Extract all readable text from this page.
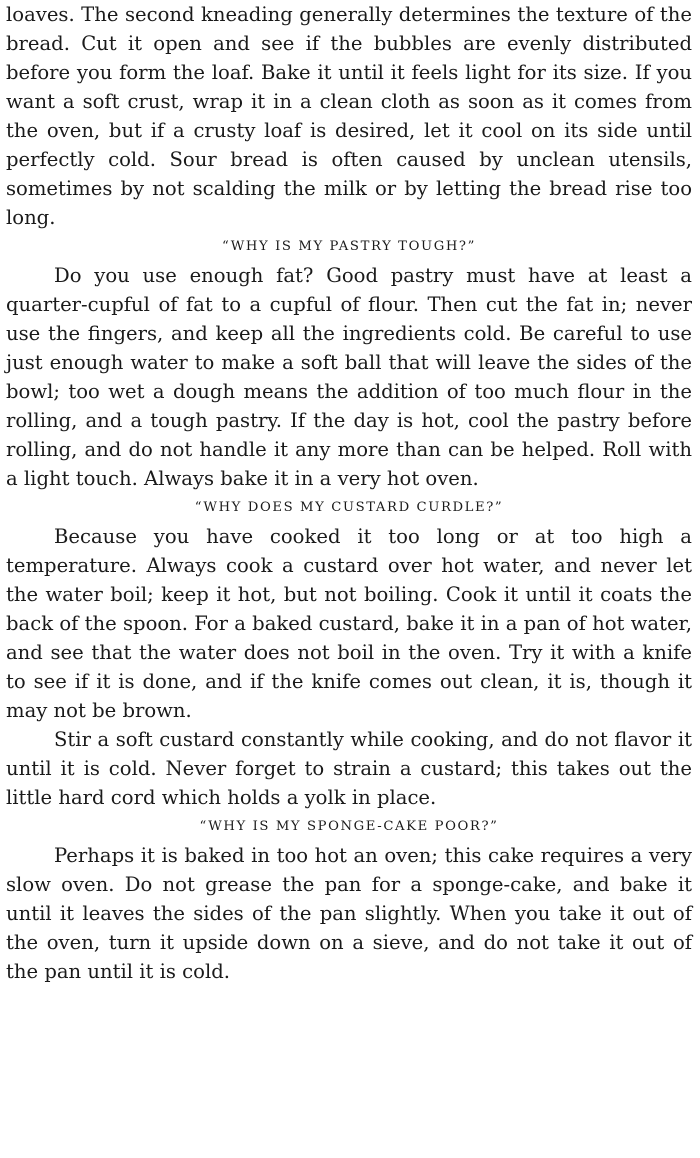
loaves. The second kneading generally determines the texture of the bread. Cut it open and see if the bubbles are evenly distributed before you form the loaf. Bake it until it feels light for its size. If you want a soft crust, wrap it in a clean cloth as soon as it comes from the oven, but if a crusty loaf is desired, let it cool on its side until perfectly cold. Sour bread is often caused by unclean utensils, sometimes by not scalding the milk or by letting the bread rise too long.

“WHY IS MY PASTRY TOUGH?”

Do you use enough fat? Good pastry must have at least a quarter-cupful of fat to a cupful of flour. Then cut the fat in; never use the fingers, and keep all the ingredients cold. Be careful to use just enough water to make a soft ball that will leave the sides of the bowl; too wet a dough means the addition of too much flour in the rolling, and a tough pastry. If the day is hot, cool the pastry before rolling, and do not handle it any more than can be helped. Roll with a light touch. Always bake it in a very hot oven.

“WHY DOES MY CUSTARD CURDLE?”

Because you have cooked it too long or at too high a temperature. Always cook a custard over hot water, and never let the water boil; keep it hot, but not boiling. Cook it until it coats the back of the spoon. For a baked custard, bake it in a pan of hot water, and see that the water does not boil in the oven. Try it with a knife to see if it is done, and if the knife comes out clean, it is, though it may not be brown.

Stir a soft custard constantly while cooking, and do not flavor it until it is cold. Never forget to strain a custard; this takes out the little hard cord which holds a yolk in place.

“WHY IS MY SPONGE-CAKE POOR?”

Perhaps it is baked in too hot an oven; this cake requires a very slow oven. Do not grease the pan for a sponge-cake, and bake it until it leaves the sides of the pan slightly. When you take it out of the oven, turn it upside down on a sieve, and do not take it out of the pan until it is cold.
